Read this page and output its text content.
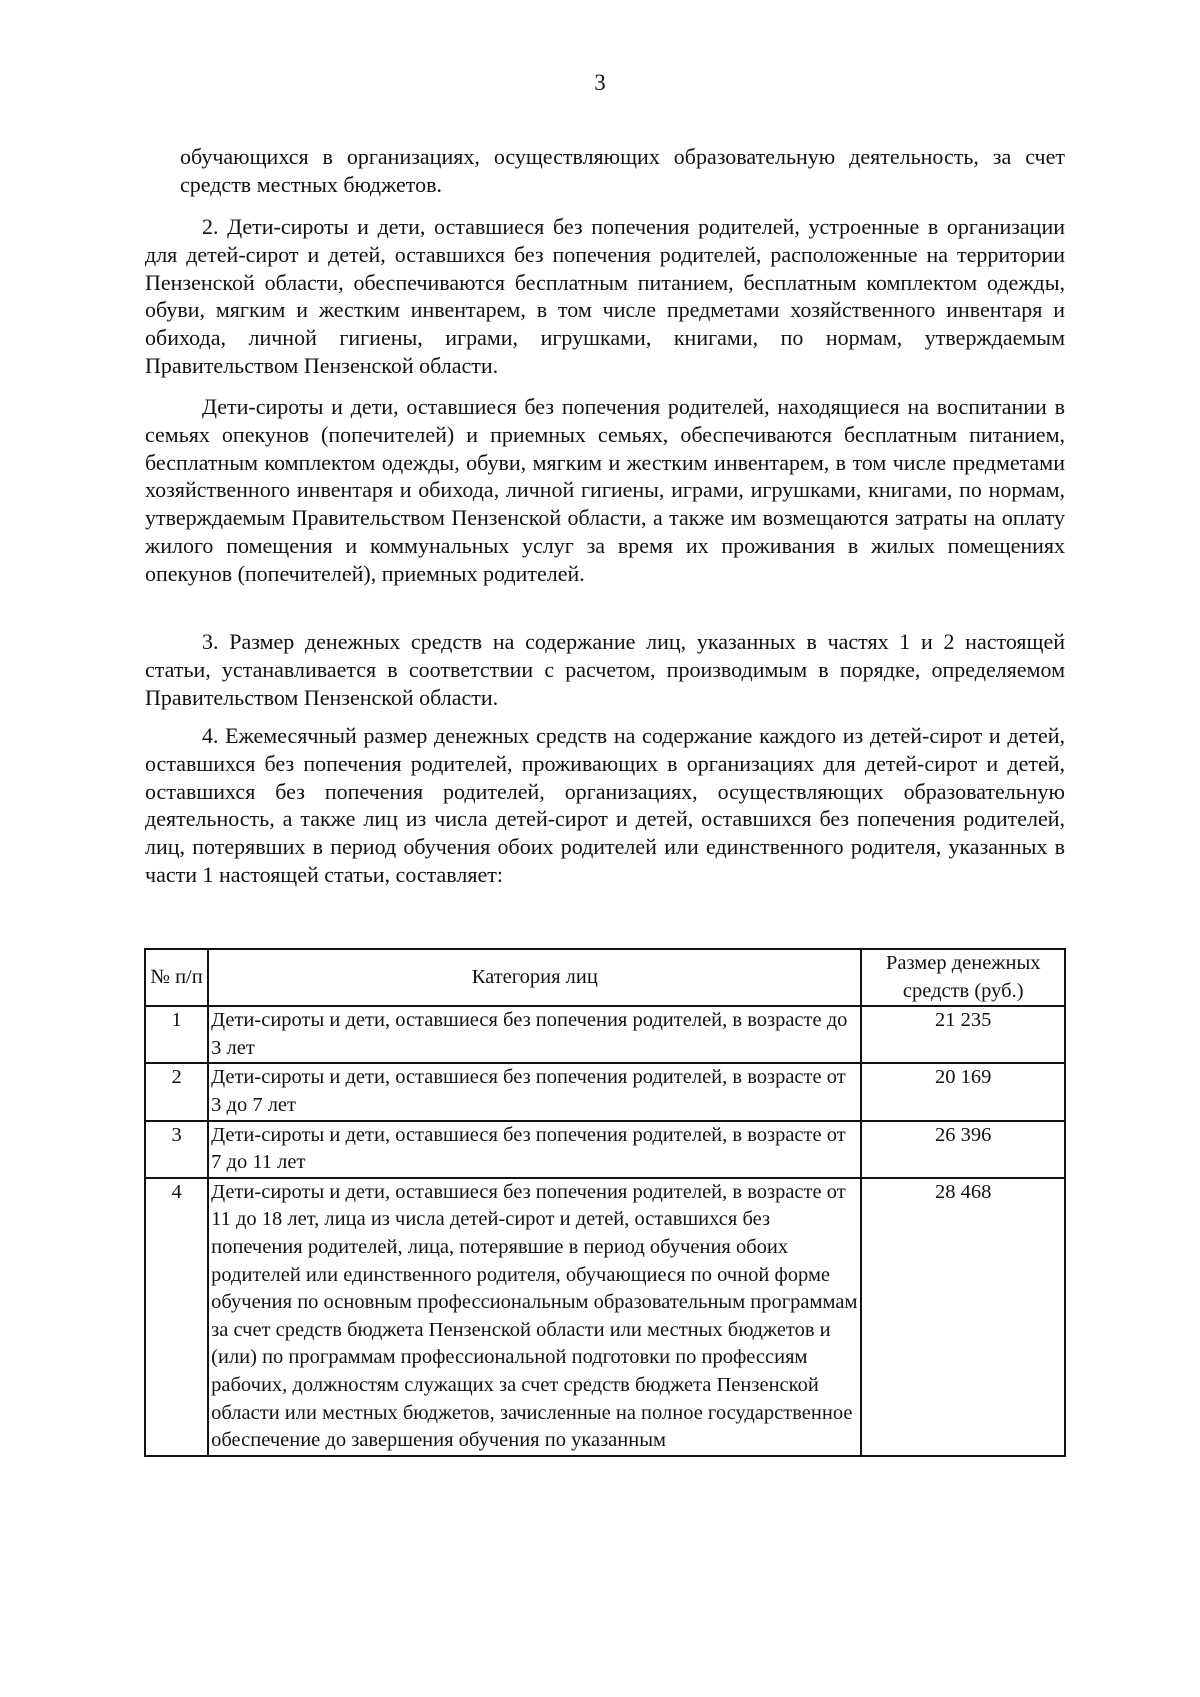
3

обучающихся в организациях, осуществляющих образовательную деятельность, за счет средств местных бюджетов.

2. Дети-сироты и дети, оставшиеся без попечения родителей, устроенные в организации для детей-сирот и детей, оставшихся без попечения родителей, расположенные на территории Пензенской области, обеспечиваются бесплатным питанием, бесплатным комплектом одежды, обуви, мягким и жестким инвентарем, в том числе предметами хозяйственного инвентаря и обихода, личной гигиены, играми, игрушками, книгами, по нормам, утверждаемым Правительством Пензенской области.

Дети-сироты и дети, оставшиеся без попечения родителей, находящиеся на воспитании в семьях опекунов (попечителей) и приемных семьях, обеспечиваются бесплатным питанием, бесплатным комплектом одежды, обуви, мягким и жестким инвентарем, в том числе предметами хозяйственного инвентаря и обихода, личной гигиены, играми, игрушками, книгами, по нормам, утверждаемым Правительством Пензенской области, а также им возмещаются затраты на оплату жилого помещения и коммунальных услуг за время их проживания в жилых помещениях опекунов (попечителей), приемных родителей.

3. Размер денежных средств на содержание лиц, указанных в частях 1 и 2 настоящей статьи, устанавливается в соответствии с расчетом, производимым в порядке, определяемом Правительством Пензенской области.

4. Ежемесячный размер денежных средств на содержание каждого из детей-сирот и детей, оставшихся без попечения родителей, проживающих в организациях для детей-сирот и детей, оставшихся без попечения родителей, организациях, осуществляющих образовательную деятельность, а также лиц из числа детей-сирот и детей, оставшихся без попечения родителей, лиц, потерявших в период обучения обоих родителей или единственного родителя, указанных в части 1 настоящей статьи, составляет:

№ п/п	Категория лиц	Размер денежных средств (руб.)
1	Дети-сироты и дети, оставшиеся без попечения родителей, в возрасте до 3 лет	21 235
2	Дети-сироты и дети, оставшиеся без попечения родителей, в возрасте от 3 до 7 лет	20 169
3	Дети-сироты и дети, оставшиеся без попечения родителей, в возрасте от 7 до 11 лет	26 396
4	Дети-сироты и дети, оставшиеся без попечения родителей, в возрасте от 11 до 18 лет, лица из числа детей-сирот и детей, оставшихся без попечения родителей, лица, потерявшие в период обучения обоих родителей или единственного родителя, обучающиеся по очной форме обучения по основным профессиональным образовательным программам за счет средств бюджета Пензенской области или местных бюджетов и (или) по программам профессиональной подготовки по профессиям рабочих, должностям служащих за счет средств бюджета Пензенской области или местных бюджетов, зачисленные на полное государственное обеспечение до завершения обучения по указанным	28 468
